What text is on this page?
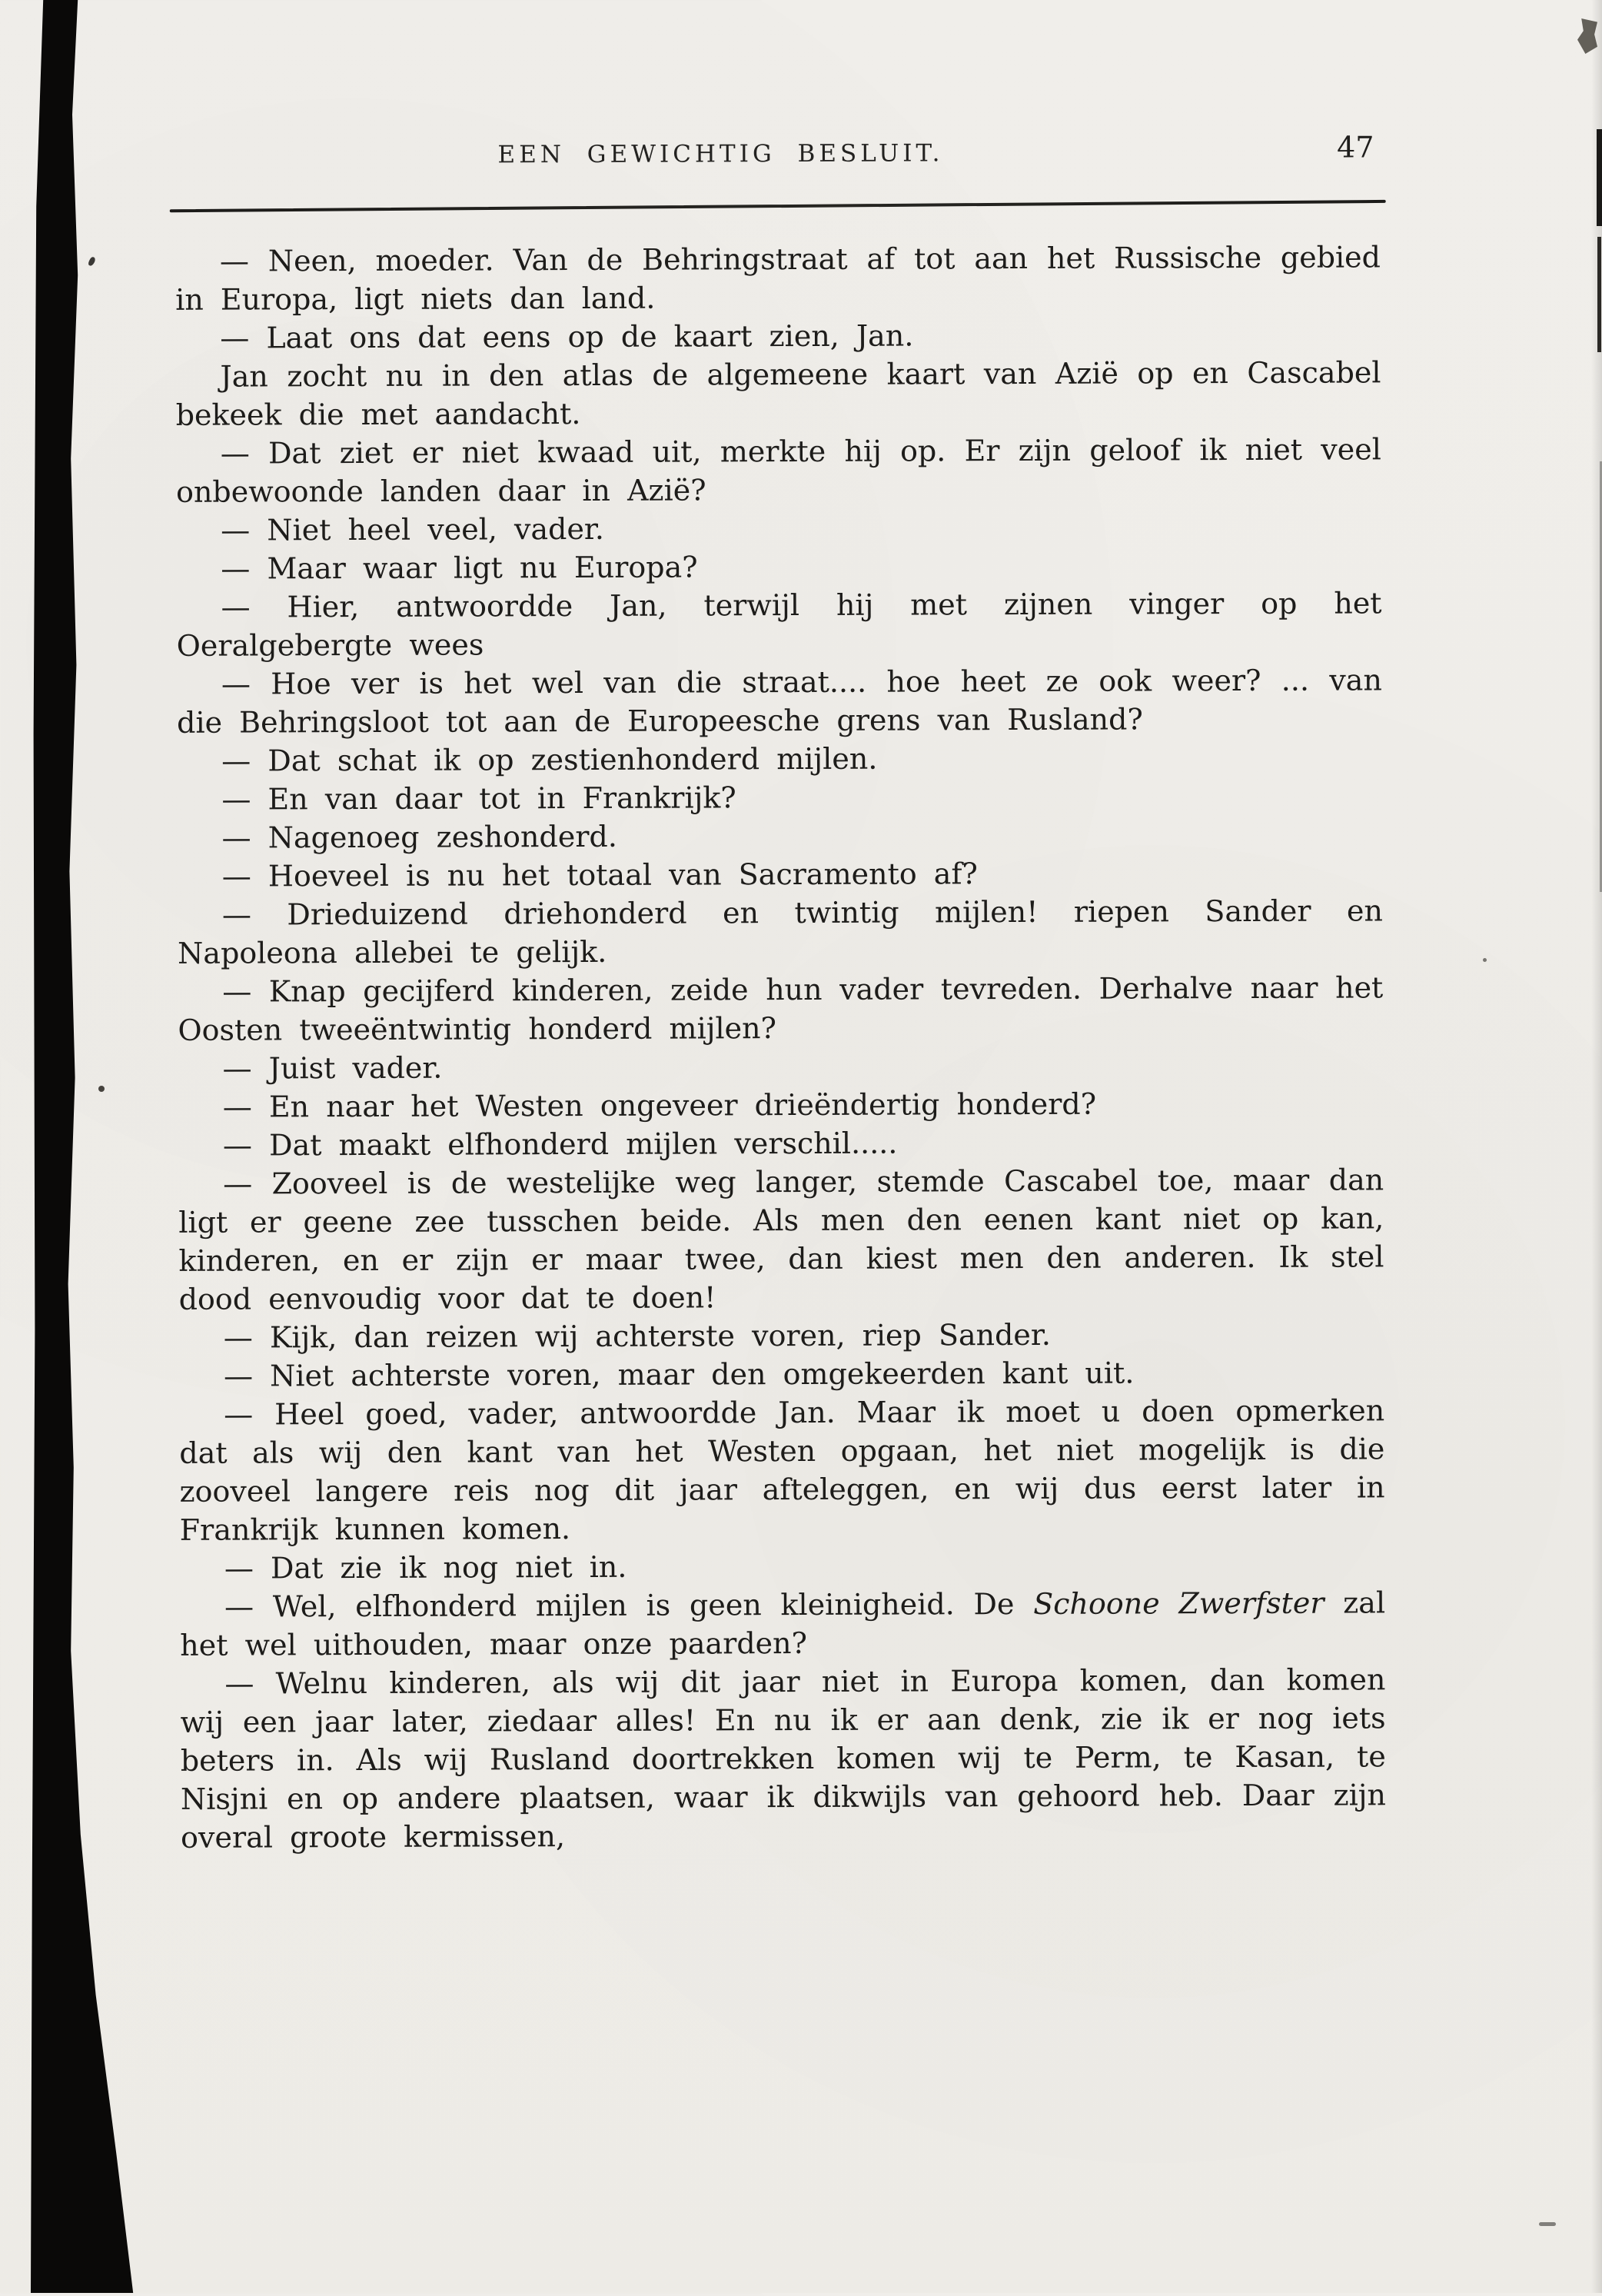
EEN GEWICHTIG BESLUIT.	47

— Neen, moeder. Van de Behringstraat af tot aan het Russische gebied in Europa, ligt niets dan land.

— Laat ons dat eens op de kaart zien, Jan.

Jan zocht nu in den atlas de algemeene kaart van Azië op en Cascabel bekeek die met aandacht.

— Dat ziet er niet kwaad uit, merkte hij op. Er zijn geloof ik niet veel onbewoonde landen daar in Azië?

— Niet heel veel, vader.

— Maar waar ligt nu Europa?

— Hier, antwoordde Jan, terwijl hij met zijnen vinger op het Oeralgebergte wees

— Hoe ver is het wel van die straat.... hoe heet ze ook weer? ... van die Behringsloot tot aan de Europeesche grens van Rusland?

— Dat schat ik op zestienhonderd mijlen.

— En van daar tot in Frankrijk?

— Nagenoeg zeshonderd.

— Hoeveel is nu het totaal van Sacramento af?

— Drieduizend driehonderd en twintig mijlen! riepen Sander en Napoleona allebei te gelijk.

— Knap gecijferd kinderen, zeide hun vader tevreden. Derhalve naar het Oosten tweeëntwintig honderd mijlen?

— Juist vader.

— En naar het Westen ongeveer drieëndertig honderd?

— Dat maakt elfhonderd mijlen verschil.....

— Zooveel is de westelijke weg langer, stemde Cascabel toe, maar dan ligt er geene zee tusschen beide. Als men den eenen kant niet op kan, kinderen, en er zijn er maar twee, dan kiest men den anderen. Ik stel dood eenvoudig voor dat te doen!

— Kijk, dan reizen wij achterste voren, riep Sander.

— Niet achterste voren, maar den omgekeerden kant uit.

— Heel goed, vader, antwoordde Jan. Maar ik moet u doen opmerken dat als wij den kant van het Westen opgaan, het niet mogelijk is die zooveel langere reis nog dit jaar afteleggen, en wij dus eerst later in Frankrijk kunnen komen.

— Dat zie ik nog niet in.

— Wel, elfhonderd mijlen is geen kleinigheid. De Schoone Zwerfster zal het wel uithouden, maar onze paarden?

— Welnu kinderen, als wij dit jaar niet in Europa komen, dan komen wij een jaar later, ziedaar alles! En nu ik er aan denk, zie ik er nog iets beters in. Als wij Rusland doortrekken komen wij te Perm, te Kasan, te Nisjni en op andere plaatsen, waar ik dikwijls van gehoord heb. Daar zijn overal groote kermissen,
